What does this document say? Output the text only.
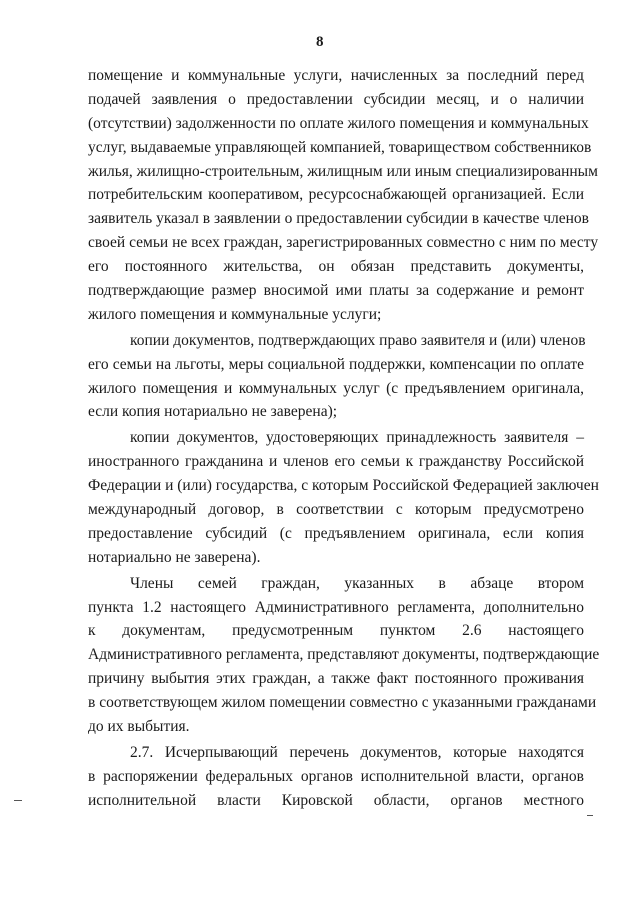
8
помещение и коммунальные услуги, начисленных за последний перед
подачей заявления о предоставлении субсидии месяц, и о наличии
(отсутствии) задолженности по оплате жилого помещения и коммунальных
услуг, выдаваемые управляющей компанией, товариществом собственников
жилья, жилищно-строительным, жилищным или иным специализированным
потребительским кооперативом, ресурсоснабжающей организацией. Если
заявитель указал в заявлении о предоставлении субсидии в качестве членов
своей семьи не всех граждан, зарегистрированных совместно с ним по месту
его постоянного жительства, он обязан представить документы,
подтверждающие размер вносимой ими платы за содержание и ремонт
жилого помещения и коммунальные услуги;
копии документов, подтверждающих право заявителя и (или) членов
его семьи на льготы, меры социальной поддержки, компенсации по оплате
жилого помещения и коммунальных услуг (с предъявлением оригинала,
если копия нотариально не заверена);
копии документов, удостоверяющих принадлежность заявителя –
иностранного гражданина и членов его семьи к гражданству Российской
Федерации и (или) государства, с которым Российской Федерацией заключен
международный договор, в соответствии с которым предусмотрено
предоставление субсидий (с предъявлением оригинала, если копия
нотариально не заверена).
Члены семей граждан, указанных в абзаце втором
пункта 1.2 настоящего Административного регламента, дополнительно
к документам, предусмотренным пунктом 2.6 настоящего
Административного регламента, представляют документы, подтверждающие
причину выбытия этих граждан, а также факт постоянного проживания
в соответствующем жилом помещении совместно с указанными гражданами
до их выбытия.
2.7. Исчерпывающий перечень документов, которые находятся
в распоряжении федеральных органов исполнительной власти, органов
исполнительной власти Кировской области, органов местного
